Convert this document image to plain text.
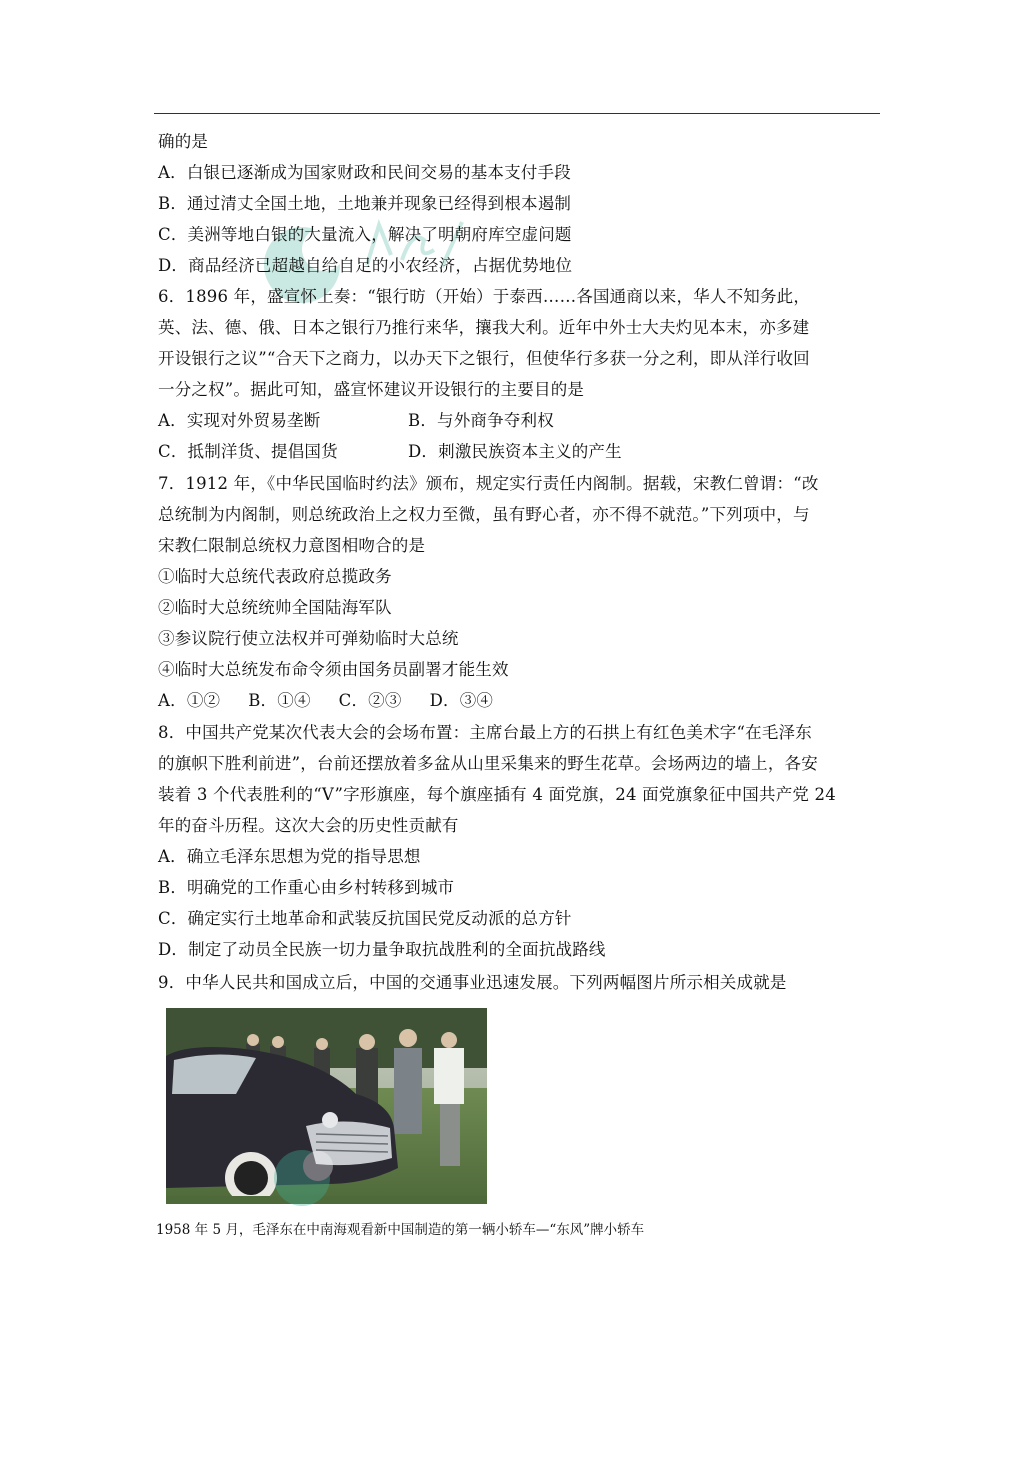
确的是
A．白银已逐渐成为国家财政和民间交易的基本支付手段
B．通过清丈全国土地，土地兼并现象已经得到根本遏制
C．美洲等地白银的大量流入，解决了明朝府库空虚问题
D．商品经济已超越自给自足的小农经济，占据优势地位
6．1896 年，盛宣怀上奏：“银行昉（开始）于泰西……各国通商以来，华人不知务此，
英、法、德、俄、日本之银行乃推行来华，攘我大利。近年中外士大夫灼见本末，亦多建
开设银行之议”“合天下之商力，以办天下之银行，但使华行多获一分之利，即从洋行收回
一分之权”。据此可知，盛宣怀建议开设银行的主要目的是
A．实现对外贸易垄断	B．与外商争夺利权
C．抵制洋货、提倡国货	D．刺激民族资本主义的产生
7．1912 年，《中华民国临时约法》颁布，规定实行责任内阁制。据载，宋教仁曾谓：“改
总统制为内阁制，则总统政治上之权力至微，虽有野心者，亦不得不就范。”下列项中，与
宋教仁限制总统权力意图相吻合的是
①临时大总统代表政府总揽政务
②临时大总统统帅全国陆海军队
③参议院行使立法权并可弹劾临时大总统
④临时大总统发布命令须由国务员副署才能生效
A．①② B．①④ C．②③ D．③④
8．中国共产党某次代表大会的会场布置：主席台最上方的石拱上有红色美术字“在毛泽东
的旗帜下胜利前进”，台前还摆放着多盆从山里采集来的野生花草。会场两边的墙上，各安
装着 3 个代表胜利的“V”字形旗座，每个旗座插有 4 面党旗，24 面党旗象征中国共产党 24
年的奋斗历程。这次大会的历史性贡献有
A．确立毛泽东思想为党的指导思想
B．明确党的工作重心由乡村转移到城市
C．确定实行土地革命和武装反抗国民党反动派的总方针
D．制定了动员全民族一切力量争取抗战胜利的全面抗战路线
9．中华人民共和国成立后，中国的交通事业迅速发展。下列两幅图片所示相关成就是
1958 年 5 月，毛泽东在中南海观看新中国制造的第一辆小轿车—“东风”牌小轿车
